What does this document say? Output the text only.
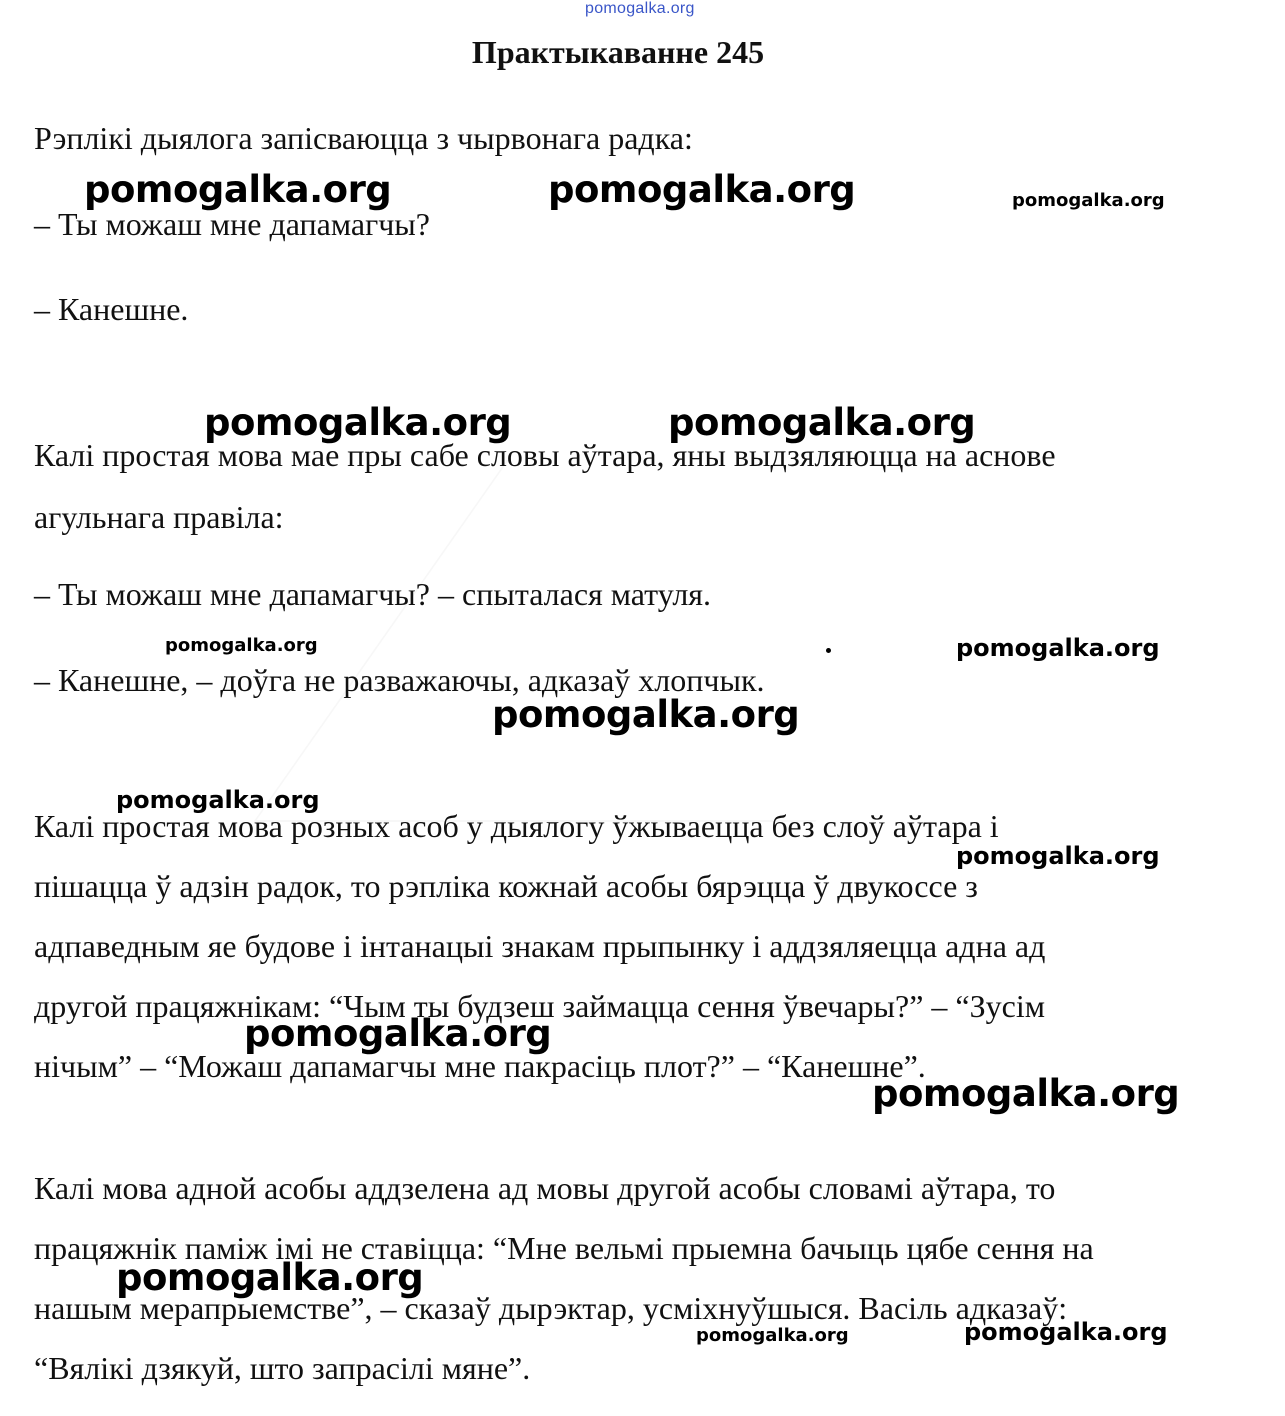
pomogalka.org
Практыкаванне 245

Рэплікі дыялога запісваюцца з чырвонага радка:

– Ты можаш мне дапамагчы?

– Канешне.

Калі простая мова мае пры сабе словы аўтара, яны выдзяляюцца на аснове

агульнага правіла:

– Ты можаш мне дапамагчы? – спыталася матуля.

– Канешне, – доўга не разважаючы, адказаў хлопчык.

Калі простая мова розных асоб у дыялогу ўжываецца без слоў аўтара і

пішацца ў адзін радок, то рэпліка кожнай асобы бярэцца ў двукоссе з

адпаведным яе будове і інтанацыі знакам прыпынку і аддзяляецца адна ад

другой працяжнікам: “Чым ты будзеш займацца сення ўвечары?” – “Зусім

нічым” – “Можаш дапамагчы мне пакрасіць плот?” – “Канешне”.

Калі мова адной асобы аддзелена ад мовы другой асобы словамі аўтара, то

працяжнік паміж імі не ставіцца: “Мне вельмі прыемна бачыць цябе сення на

нашым мерапрыемстве”, – сказаў дырэктар, усміхнуўшыся. Васіль адказаў:

“Вялікі дзякуй, што запрасілі мяне”.

pomogalka.org	pomogalka.org	pomogalka.org
pomogalka.org	pomogalka.org
pomogalka.org	pomogalka.org
pomogalka.org
pomogalka.org
pomogalka.org
pomogalka.org
pomogalka.org
pomogalka.org
pomogalka.org
pomogalka.org
